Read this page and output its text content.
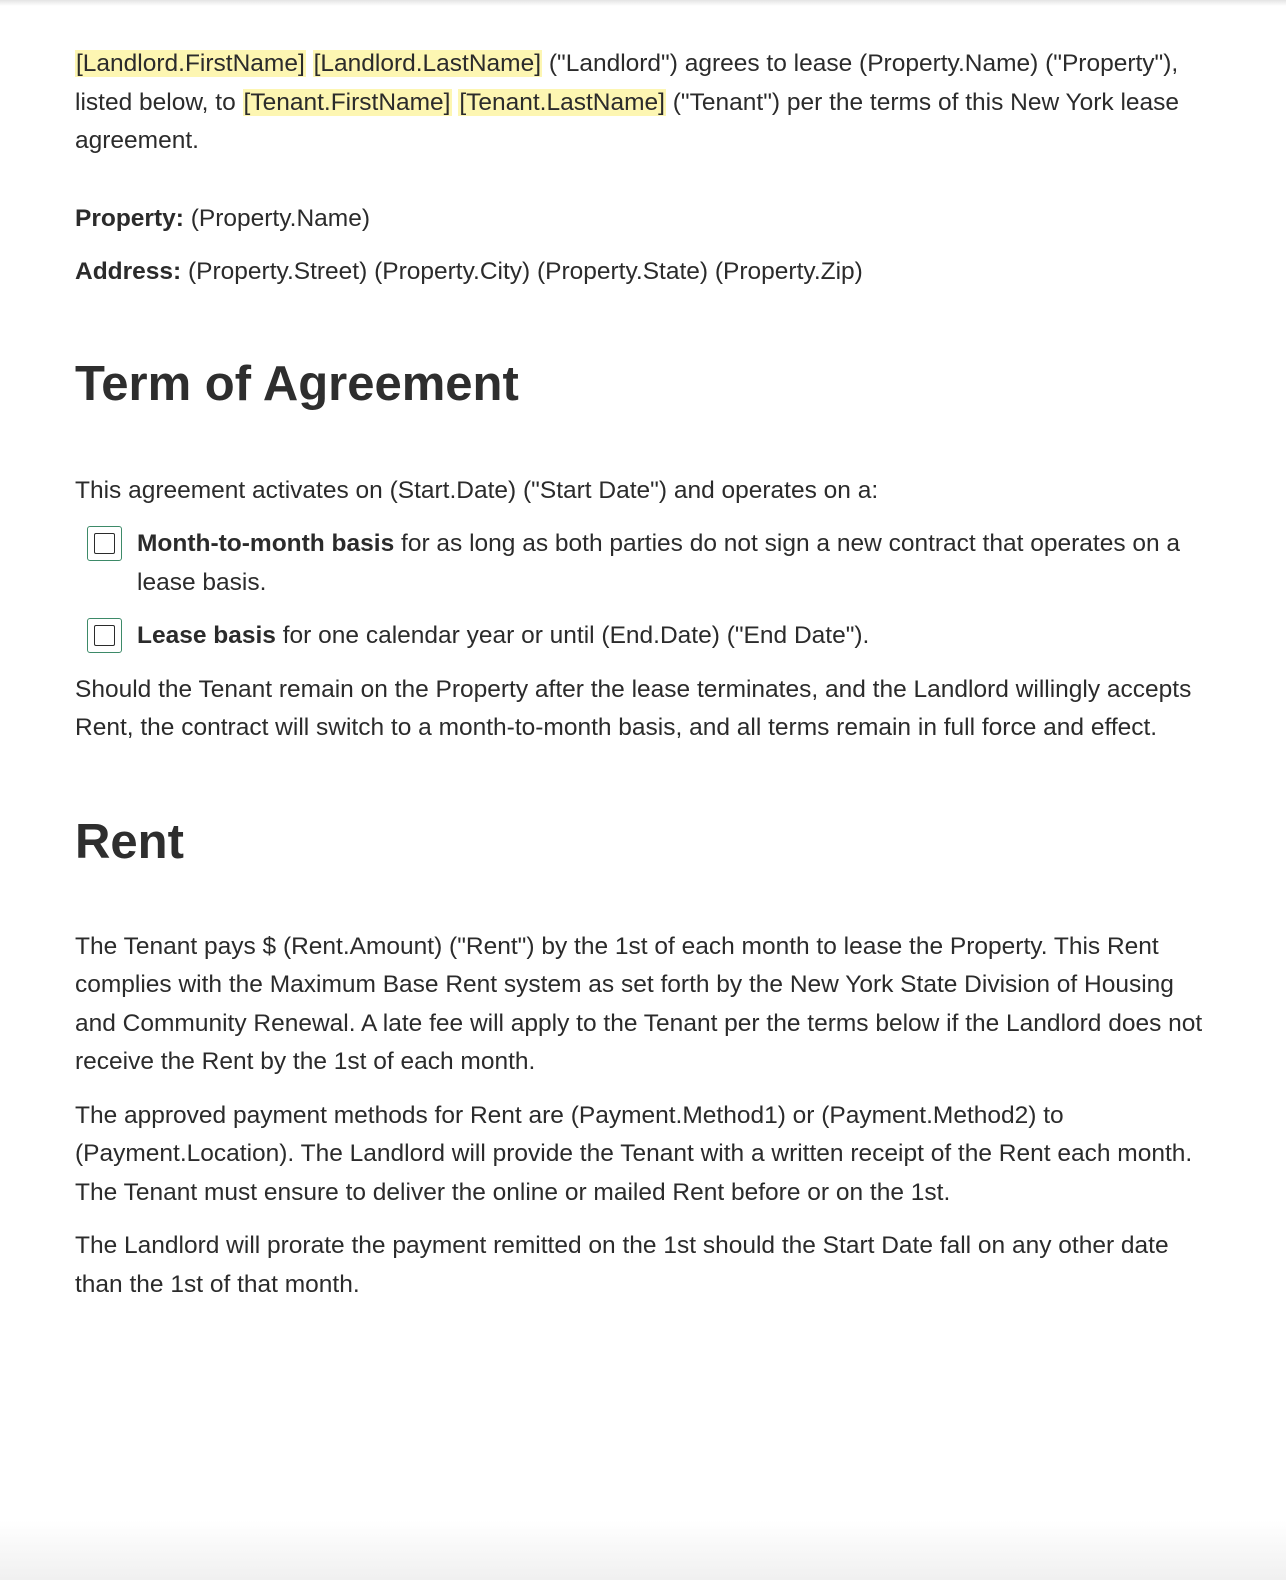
[Landlord.FirstName] [Landlord.LastName] ("Landlord") agrees to lease (Property.Name) ("Property"), listed below, to [Tenant.FirstName] [Tenant.LastName] ("Tenant") per the terms of this New York lease agreement.

Property: (Property.Name)

Address: (Property.Street) (Property.City) (Property.State) (Property.Zip)

Term of Agreement

This agreement activates on (Start.Date) ("Start Date") and operates on a:

Month-to-month basis for as long as both parties do not sign a new contract that operates on a lease basis.
Lease basis for one calendar year or until (End.Date) ("End Date").

Should the Tenant remain on the Property after the lease terminates, and the Landlord willingly accepts Rent, the contract will switch to a month-to-month basis, and all terms remain in full force and effect.

Rent

The Tenant pays $ (Rent.Amount) ("Rent") by the 1st of each month to lease the Property. This Rent complies with the Maximum Base Rent system as set forth by the New York State Division of Housing and Community Renewal. A late fee will apply to the Tenant per the terms below if the Landlord does not receive the Rent by the 1st of each month.

The approved payment methods for Rent are (Payment.Method1) or (Payment.Method2) to (Payment.Location). The Landlord will provide the Tenant with a written receipt of the Rent each month. The Tenant must ensure to deliver the online or mailed Rent before or on the 1st.

The Landlord will prorate the payment remitted on the 1st should the Start Date fall on any other date than the 1st of that month.
